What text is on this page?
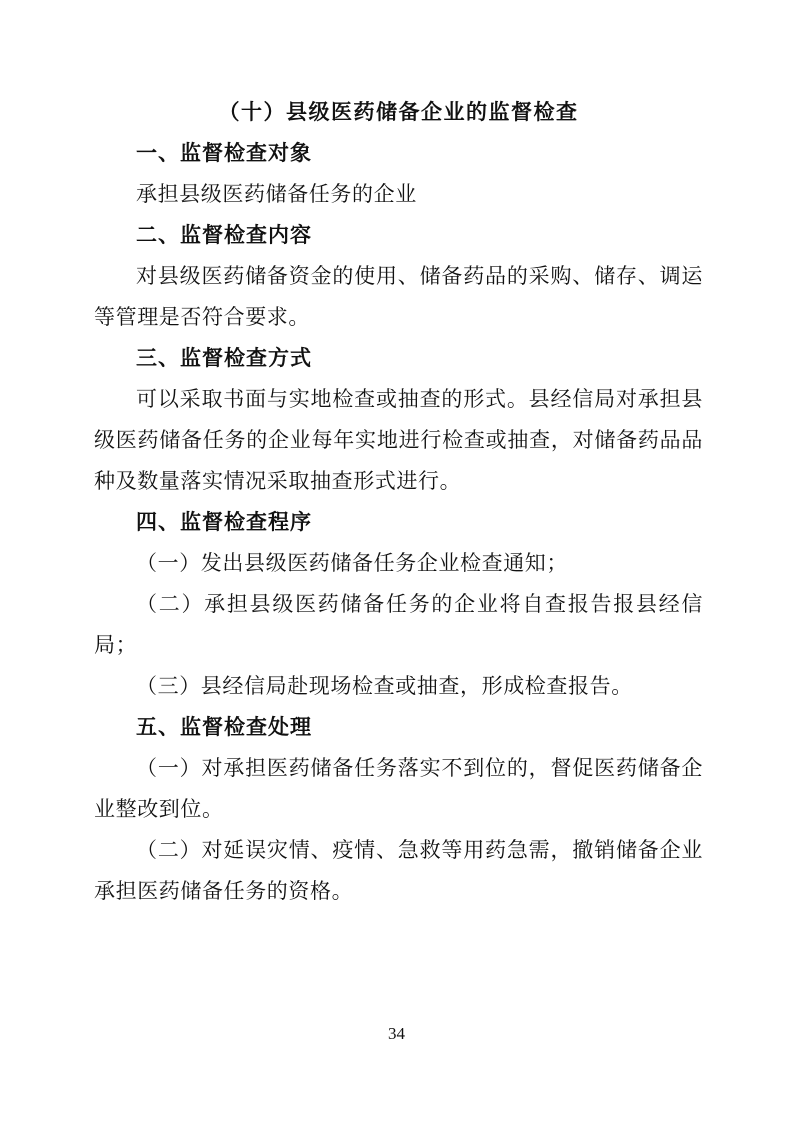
（十）县级医药储备企业的监督检查
一、监督检查对象

承担县级医药储备任务的企业

二、监督检查内容

对县级医药储备资金的使用、储备药品的采购、储存、调运等管理是否符合要求。

三、监督检查方式

可以采取书面与实地检查或抽查的形式。县经信局对承担县级医药储备任务的企业每年实地进行检查或抽查，对储备药品品种及数量落实情况采取抽查形式进行。

四、监督检查程序

（一）发出县级医药储备任务企业检查通知；

（二）承担县级医药储备任务的企业将自查报告报县经信局；

（三）县经信局赴现场检查或抽查，形成检查报告。

五、监督检查处理

（一）对承担医药储备任务落实不到位的，督促医药储备企业整改到位。

（二）对延误灾情、疫情、急救等用药急需，撤销储备企业承担医药储备任务的资格。

34
